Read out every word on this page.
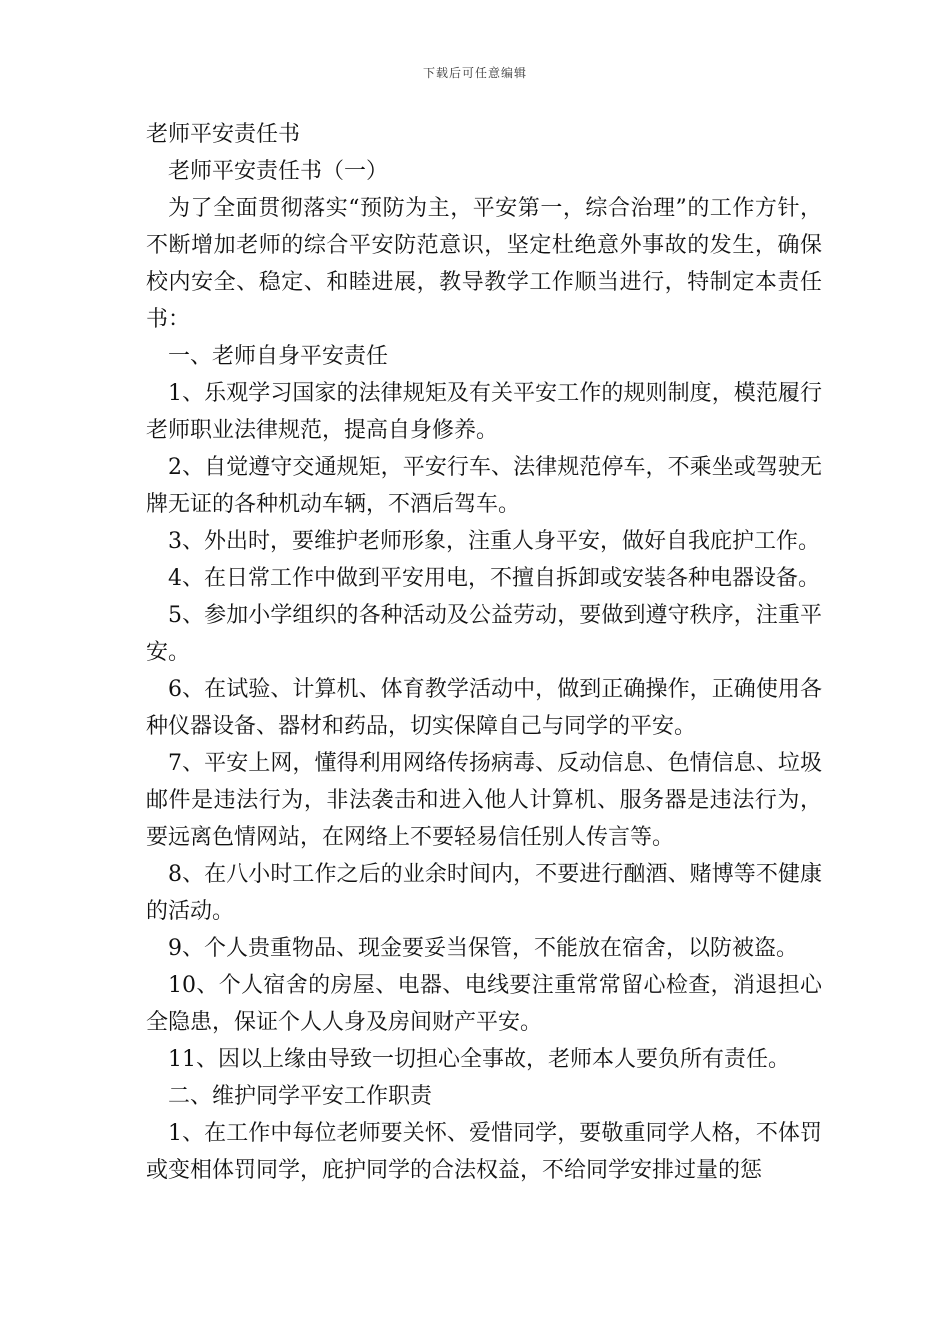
下载后可任意编辑

老师平安责任书

老师平安责任书（一）

为了全面贯彻落实“预防为主，平安第一，综合治理”的工作方针，不断增加老师的综合平安防范意识，坚定杜绝意外事故的发生，确保校内安全、稳定、和睦进展，教导教学工作顺当进行，特制定本责任书：

一、老师自身平安责任

1、乐观学习国家的法律规矩及有关平安工作的规则制度，模范履行老师职业法律规范，提高自身修养。

2、自觉遵守交通规矩，平安行车、法律规范停车，不乘坐或驾驶无牌无证的各种机动车辆，不酒后驾车。

3、外出时，要维护老师形象，注重人身平安，做好自我庇护工作。

4、在日常工作中做到平安用电，不擅自拆卸或安装各种电器设备。

5、参加小学组织的各种活动及公益劳动，要做到遵守秩序，注重平安。

6、在试验、计算机、体育教学活动中，做到正确操作，正确使用各种仪器设备、器材和药品，切实保障自己与同学的平安。

7、平安上网，懂得利用网络传扬病毒、反动信息、色情信息、垃圾邮件是违法行为，非法袭击和进入他人计算机、服务器是违法行为，要远离色情网站，在网络上不要轻易信任别人传言等。

8、在八小时工作之后的业余时间内，不要进行酗酒、赌博等不健康的活动。

9、个人贵重物品、现金要妥当保管，不能放在宿舍，以防被盗。

10、个人宿舍的房屋、电器、电线要注重常常留心检查，消退担心全隐患，保证个人人身及房间财产平安。

11、因以上缘由导致一切担心全事故，老师本人要负所有责任。

二、维护同学平安工作职责

1、在工作中每位老师要关怀、爱惜同学，要敬重同学人格，不体罚或变相体罚同学，庇护同学的合法权益，不给同学安排过量的惩
